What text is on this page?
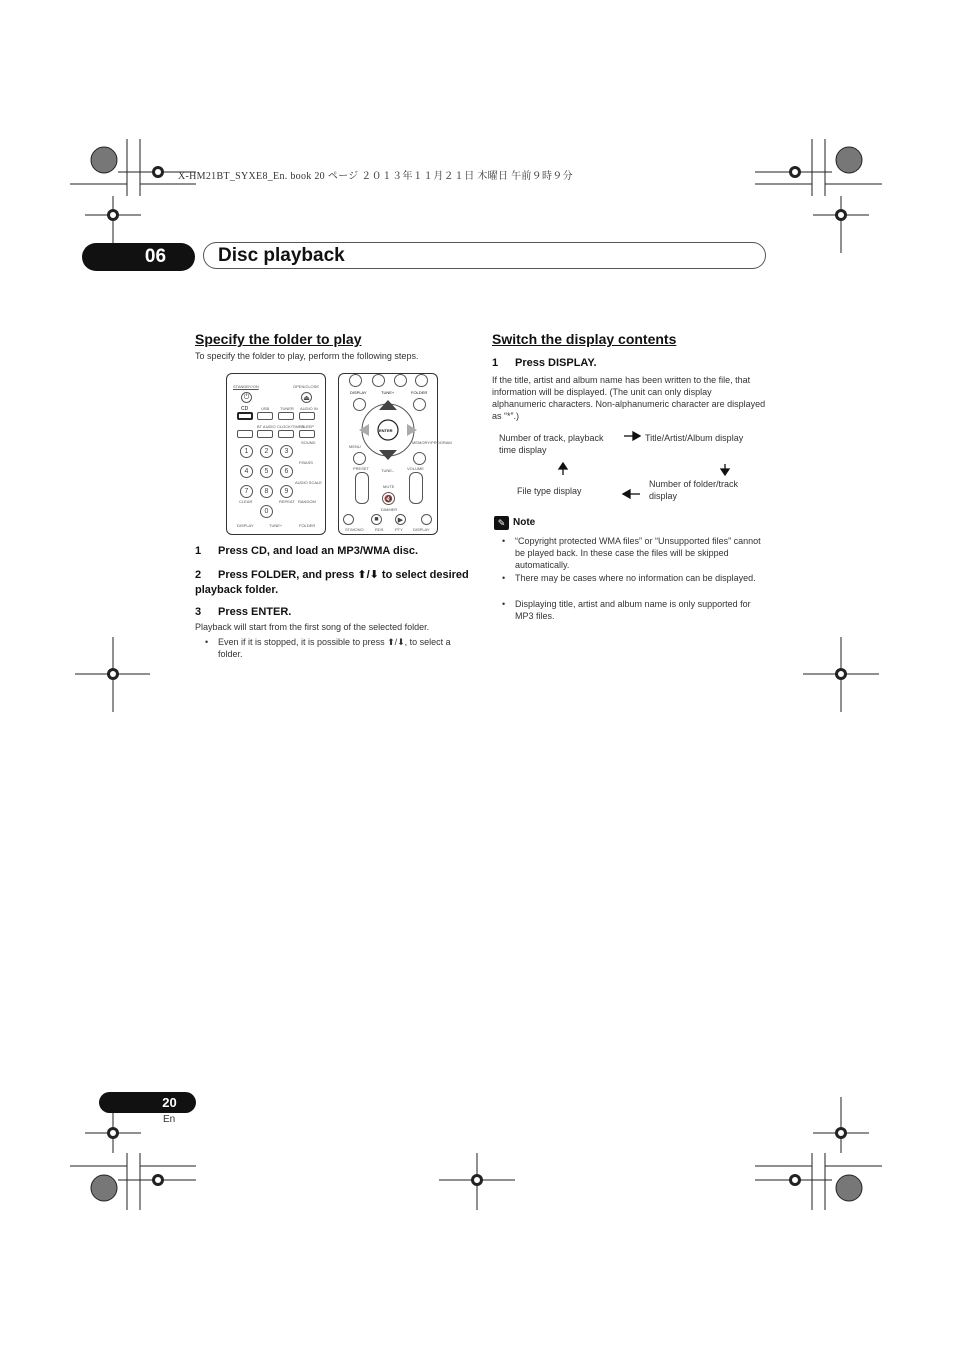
X-HM21BT_SYXE8_En. book 20 ページ ２０１３年１１月２１日 木曜日 午前９時９分
06	Disc playback
Specify the folder to play
To specify the folder to play, perform the following steps.
STANDBY/ON	OPEN/CLOSE
⏻	⏏
CD	USB	TUNER AUDIO IN
BT AUDIO CLOCK/TIMER
SLEEP
SOUND
1	2	3
P.BASS
4	5	6
AUDIO SCALE
7	8	9
CLEAR	REPEAT RANDOM
0
DISPLAY	TUNE+	FOLDER
DISPLAY	TUNE+	FOLDER
ENTER
MENU
MEMORY/PROGRAM
PRESET	TUNE–	VOLUME
MUTE
🔇
DIMMER
■	▶
ST/MONO	RDS	PTY	DISPLAY
1 Press CD, and load an MP3/WMA disc.
2 Press FOLDER, and press ⬆/⬇ to select desired playback folder.
3 Press ENTER.
Playback will start from the first song of the selected folder.
• Even if it is stopped, it is possible to press ⬆/⬇, to select a folder.
Switch the display contents
1 Press DISPLAY.
If the title, artist and album name has been written to the file, that information will be displayed. (The unit can only display alphanumeric characters. Non-alphanumeric character are displayed as “*”.)
Number of track, playback time display
Title/Artist/Album display
Number of folder/track display
File type display
✎ Note
• “Copyright protected WMA files” or “Unsupported files” cannot be played back. In these case the files will be skipped automatically.
• There may be cases where no information can be displayed.
• Displaying title, artist and album name is only supported for MP3 files.
20
En
